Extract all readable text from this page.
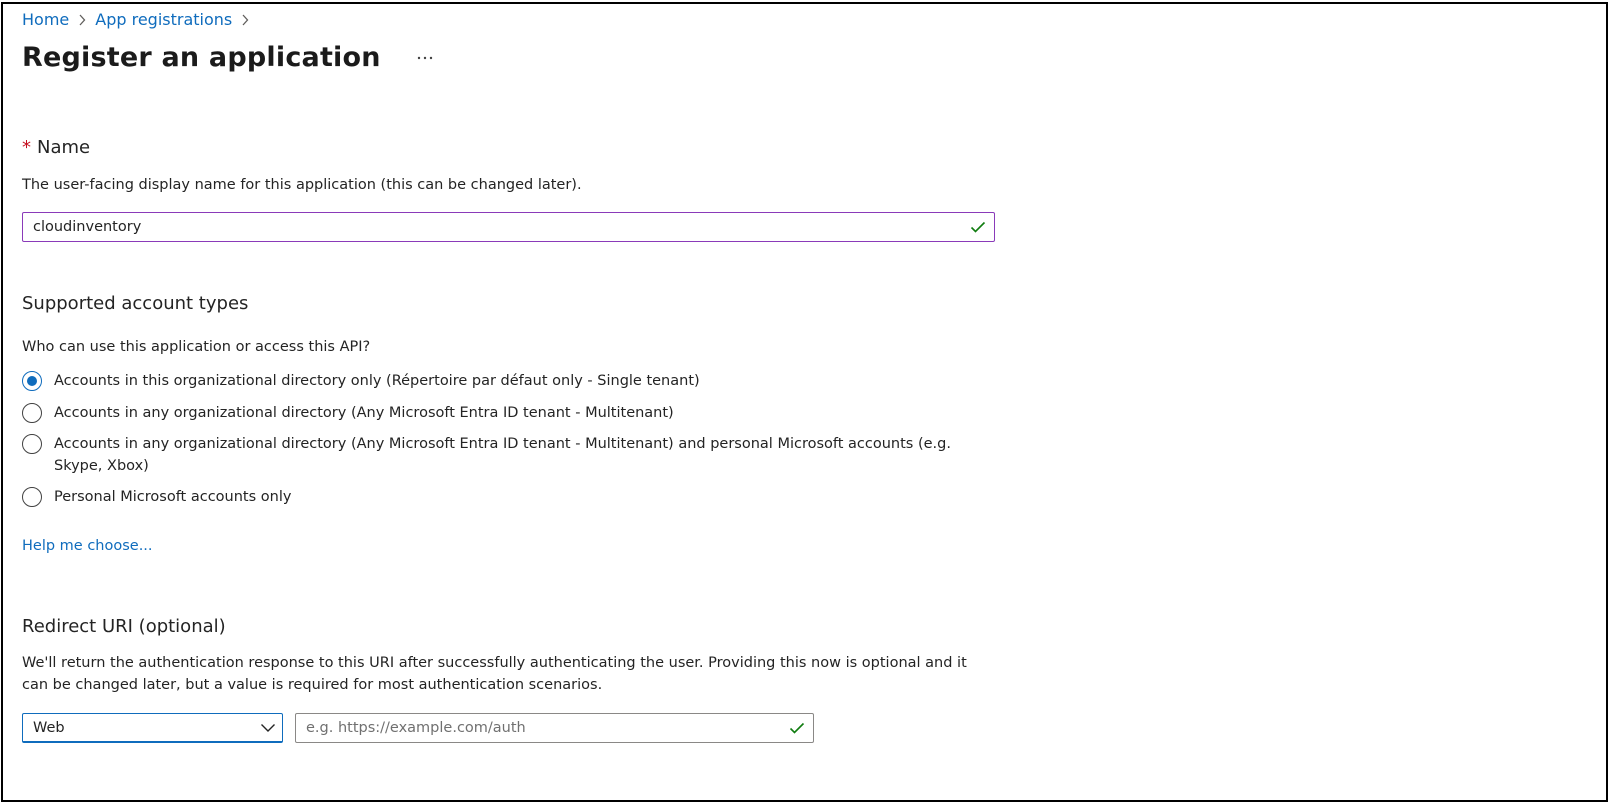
Home App registrations
Register an application
* Name
The user-facing display name for this application (this can be changed later).
cloudinventory
Supported account types
Who can use this application or access this API?
Accounts in this organizational directory only (Répertoire par défaut only - Single tenant)
Accounts in any organizational directory (Any Microsoft Entra ID tenant - Multitenant)
Accounts in any organizational directory (Any Microsoft Entra ID tenant - Multitenant) and personal Microsoft accounts (e.g. Skype, Xbox)
Personal Microsoft accounts only
Help me choose...
Redirect URI (optional)
We'll return the authentication response to this URI after successfully authenticating the user. Providing this now is optional and it can be changed later, but a value is required for most authentication scenarios.
Web
e.g. https://example.com/auth
